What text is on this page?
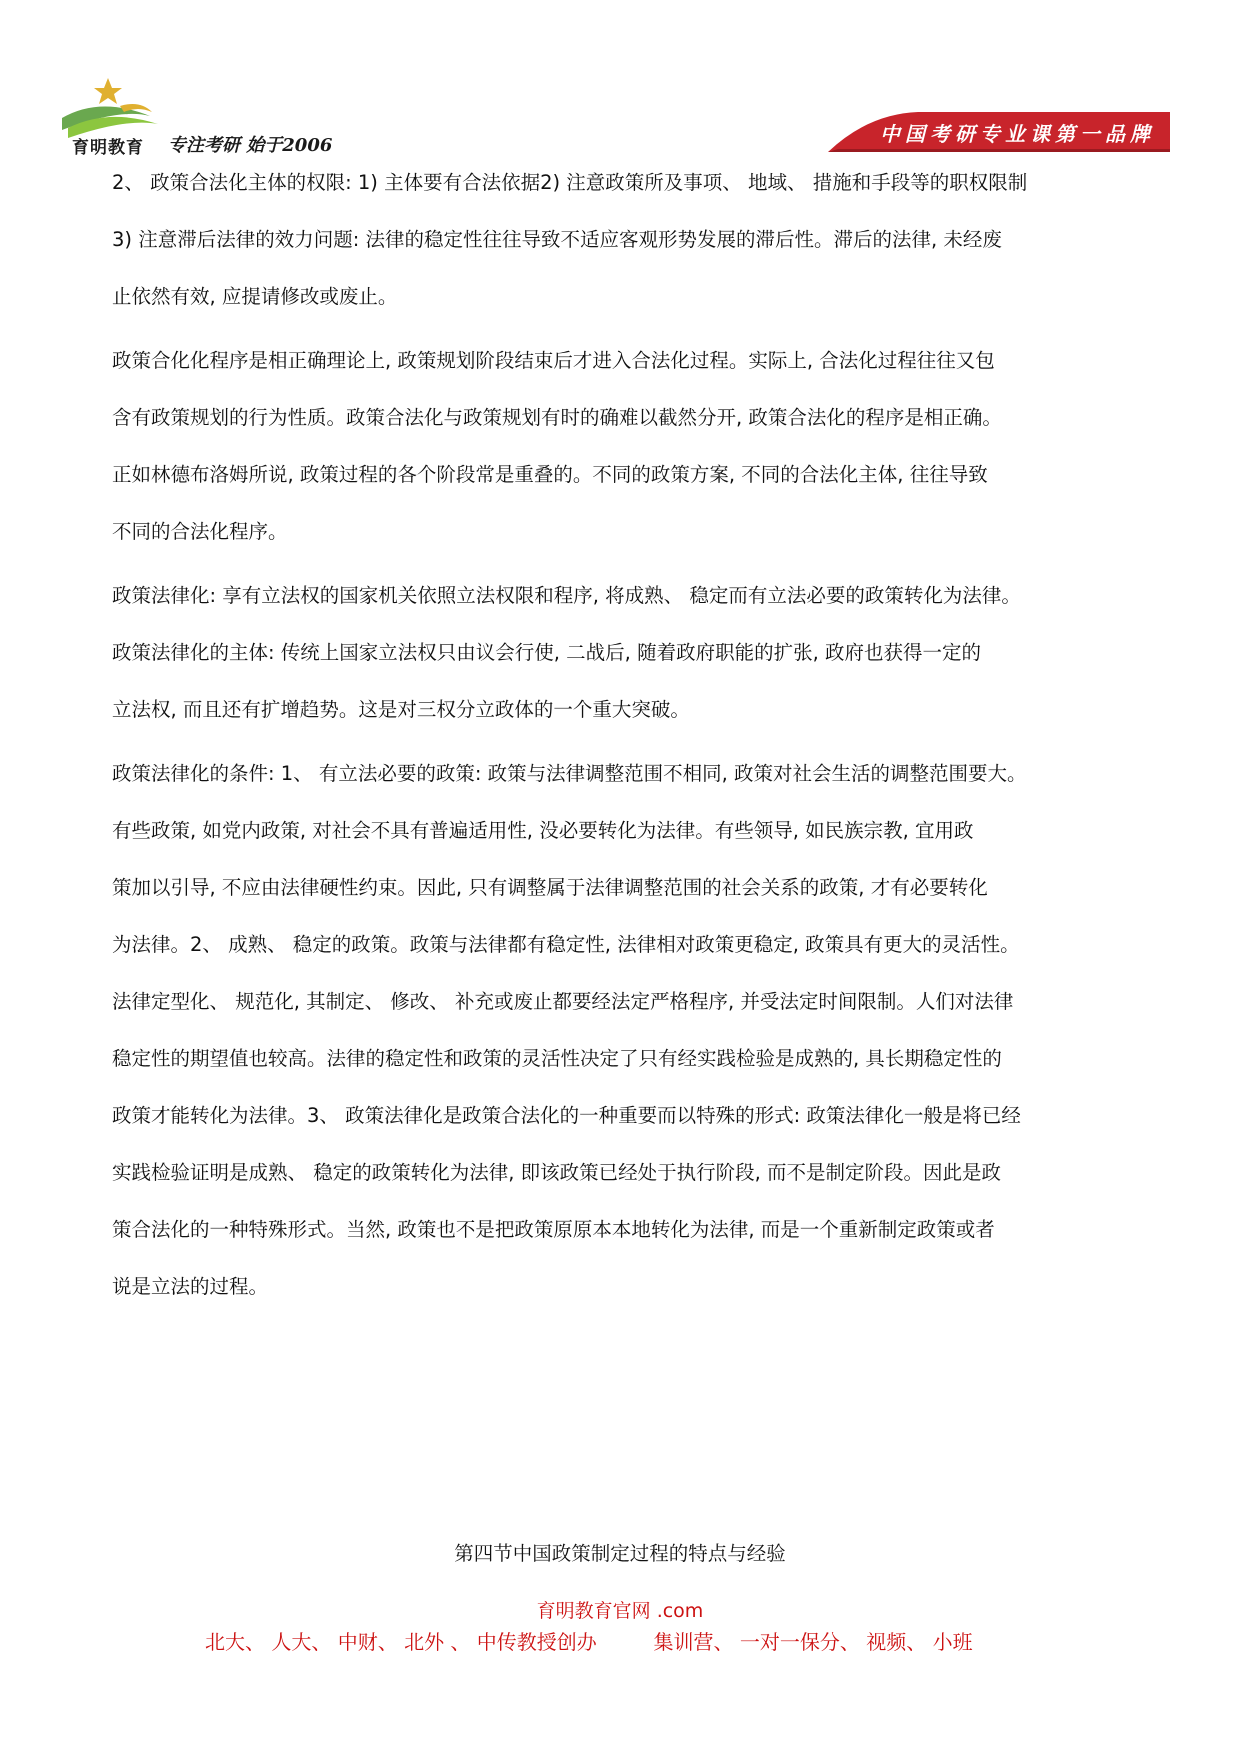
育明教育 专注考研 始于2006	中国考研专业课第一品牌
2、 政策合法化主体的权限: 1) 主体要有合法依据2) 注意政策所及事项、 地域、 措施和手段等的职权限制
3) 注意滞后法律的效力问题: 法律的稳定性往往导致不适应客观形势发展的滞后性。滞后的法律, 未经废
止依然有效, 应提请修改或废止。
政策合化化程序是相正确理论上, 政策规划阶段结束后才进入合法化过程。实际上, 合法化过程往往又包
含有政策规划的行为性质。政策合法化与政策规划有时的确难以截然分开, 政策合法化的程序是相正确。
正如林德布洛姆所说, 政策过程的各个阶段常是重叠的。不同的政策方案, 不同的合法化主体, 往往导致
不同的合法化程序。
政策法律化: 享有立法权的国家机关依照立法权限和程序, 将成熟、 稳定而有立法必要的政策转化为法律。
政策法律化的主体: 传统上国家立法权只由议会行使, 二战后, 随着政府职能的扩张, 政府也获得一定的
立法权, 而且还有扩增趋势。这是对三权分立政体的一个重大突破。
政策法律化的条件: 1、 有立法必要的政策: 政策与法律调整范围不相同, 政策对社会生活的调整范围要大。
有些政策, 如党内政策, 对社会不具有普遍适用性, 没必要转化为法律。有些领导, 如民族宗教, 宜用政
策加以引导, 不应由法律硬性约束。因此, 只有调整属于法律调整范围的社会关系的政策, 才有必要转化
为法律。2、 成熟、 稳定的政策。政策与法律都有稳定性, 法律相对政策更稳定, 政策具有更大的灵活性。
法律定型化、 规范化, 其制定、 修改、 补充或废止都要经法定严格程序, 并受法定时间限制。人们对法律
稳定性的期望值也较高。法律的稳定性和政策的灵活性决定了只有经实践检验是成熟的, 具长期稳定性的
政策才能转化为法律。3、 政策法律化是政策合法化的一种重要而以特殊的形式: 政策法律化一般是将已经
实践检验证明是成熟、 稳定的政策转化为法律, 即该政策已经处于执行阶段, 而不是制定阶段。因此是政
策合法化的一种特殊形式。当然, 政策也不是把政策原原本本地转化为法律, 而是一个重新制定政策或者
说是立法的过程。
第四节中国政策制定过程的特点与经验
育明教育官网 .com
北大、 人大、 中财、 北外 、 中传教授创办	集训营、 一对一保分、 视频、 小班
